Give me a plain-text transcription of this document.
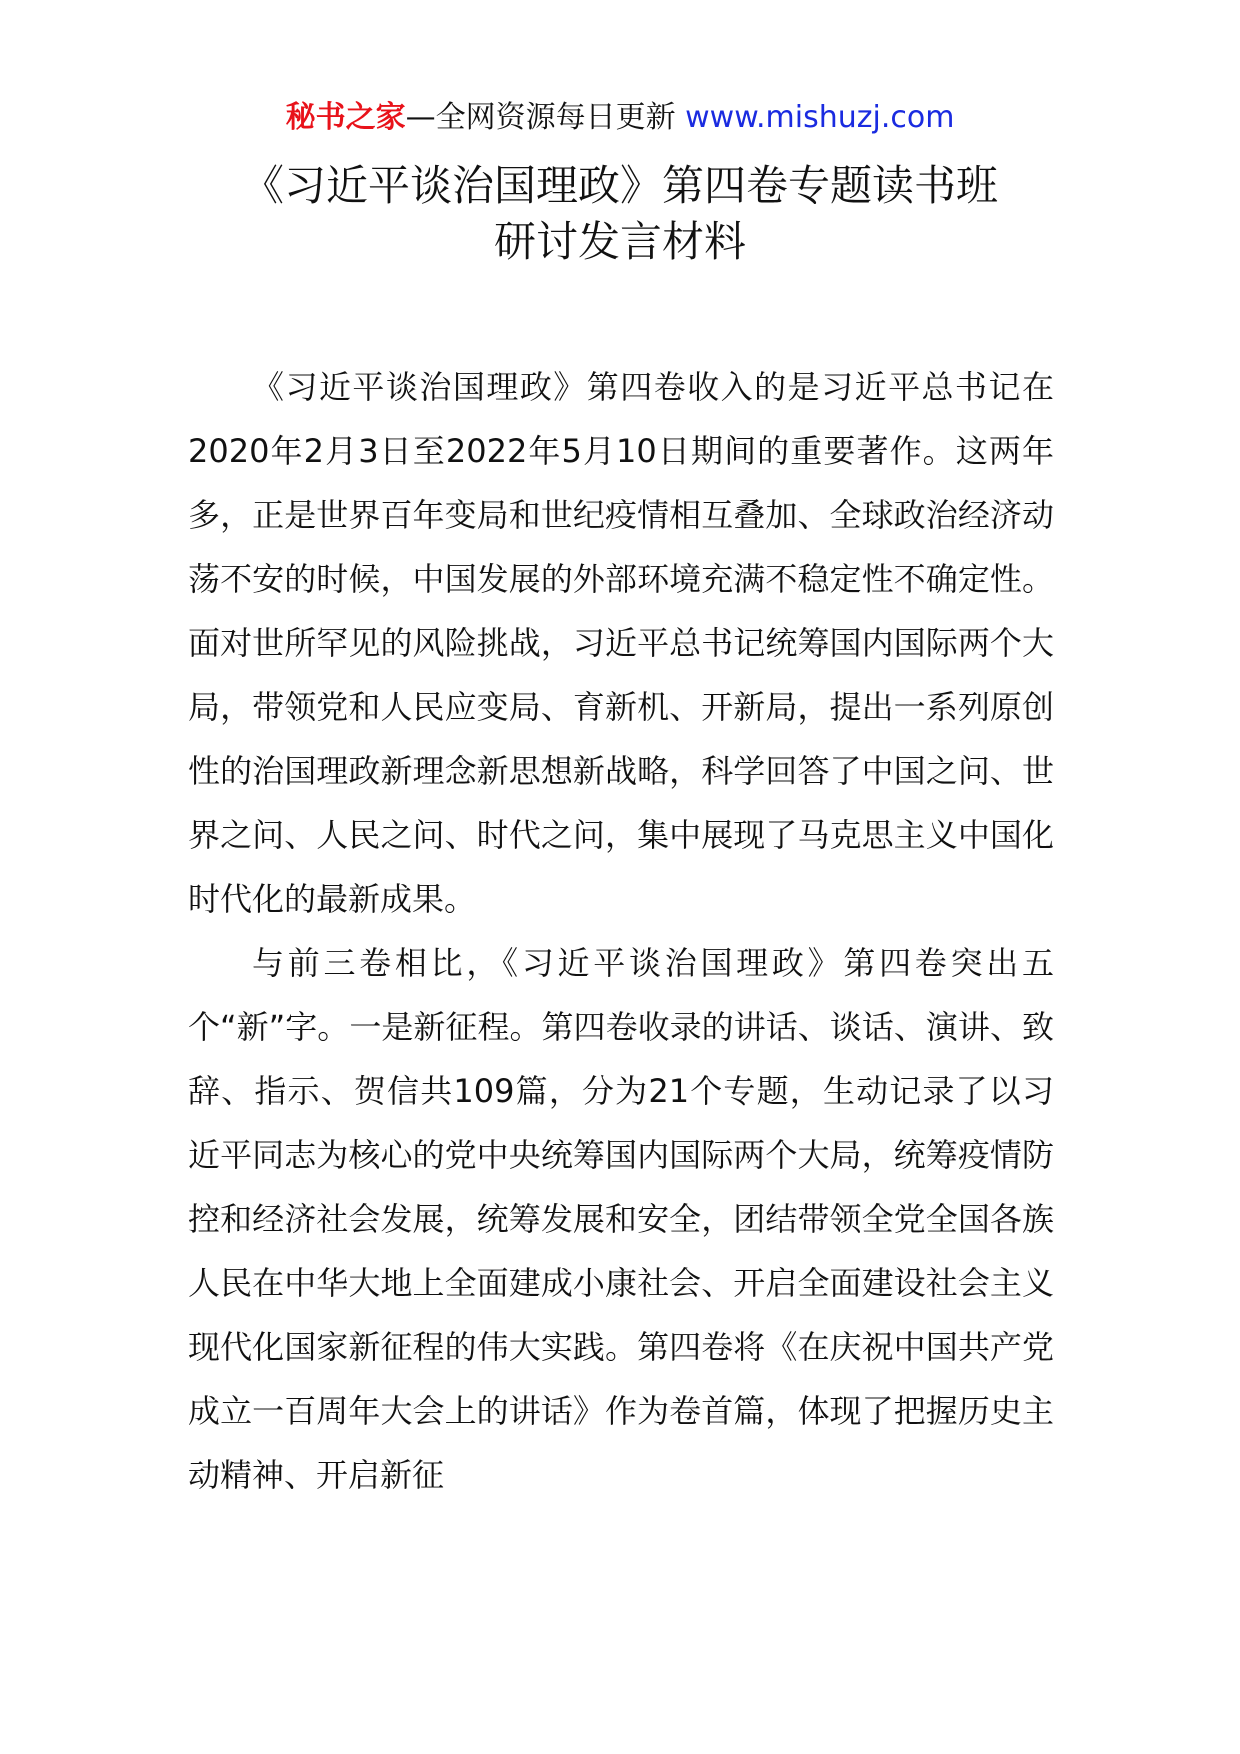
秘书之家—全网资源每日更新 www.mishuzj.com
《习近平谈治国理政》第四卷专题读书班
研讨发言材料

《习近平谈治国理政》第四卷收入的是习近平总书记在2020年2月3日至2022年5月10日期间的重要著作。这两年多，正是世界百年变局和世纪疫情相互叠加、全球政治经济动荡不安的时候，中国发展的外部环境充满不稳定性不确定性。面对世所罕见的风险挑战，习近平总书记统筹国内国际两个大局，带领党和人民应变局、育新机、开新局，提出一系列原创性的治国理政新理念新思想新战略，科学回答了中国之问、世界之问、人民之问、时代之问，集中展现了马克思主义中国化时代化的最新成果。

与前三卷相比，《习近平谈治国理政》第四卷突出五个“新”字。一是新征程。第四卷收录的讲话、谈话、演讲、致辞、指示、贺信共109篇，分为21个专题，生动记录了以习近平同志为核心的党中央统筹国内国际两个大局，统筹疫情防控和经济社会发展，统筹发展和安全，团结带领全党全国各族人民在中华大地上全面建成小康社会、开启全面建设社会主义现代化国家新征程的伟大实践。第四卷将《在庆祝中国共产党成立一百周年大会上的讲话》作为卷首篇，体现了把握历史主动精神、开启新征
